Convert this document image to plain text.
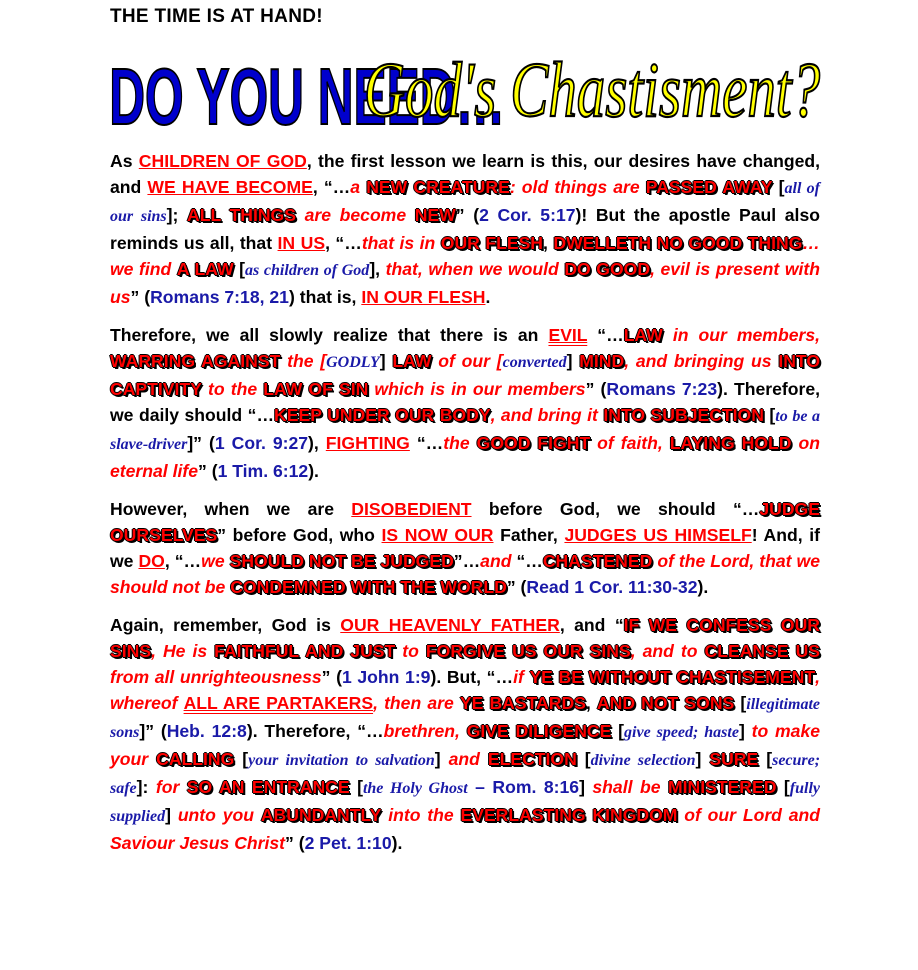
THE TIME IS AT HAND!
DO YOU NEED…
God's Chastisment?

As CHILDREN OF GOD, the first lesson we learn is this, our desires have changed, and WE HAVE BECOME, “…a NEW CREATURE: old things are PASSED AWAY [all of our sins]; ALL THINGS are become NEW” (2 Cor. 5:17)! But the apostle Paul also reminds us all, that IN US, “…that is in OUR FLESH, DWELLETH NO GOOD THING…we find A LAW [as children of God], that, when we would DO GOOD, evil is present with us” (Romans 7:18, 21) that is, IN OUR FLESH.

Therefore, we all slowly realize that there is an EVIL “…LAW in our members, WARRING AGAINST the [GODLY] LAW of our [converted] MIND, and bringing us INTO CAPTIVITY to the LAW OF SIN which is in our members” (Romans 7:23). Therefore, we daily should “…KEEP UNDER OUR BODY, and bring it INTO SUBJECTION [to be a slave-driver]” (1 Cor. 9:27), FIGHTING “…the GOOD FIGHT of faith, LAYING HOLD on eternal life” (1 Tim. 6:12).

However, when we are DISOBEDIENT before God, we should “…JUDGE OURSELVES” before God, who IS NOW OUR Father, JUDGES US HIMSELF! And, if we DO, “…we SHOULD NOT BE JUDGED”…and “…CHASTENED of the Lord, that we should not be CONDEMNED WITH THE WORLD” (Read 1 Cor. 11:30-32).

Again, remember, God is OUR HEAVENLY FATHER, and “IF WE CONFESS OUR SINS, He is FAITHFUL AND JUST to FORGIVE US OUR SINS, and to CLEANSE US from all unrighteousness” (1 John 1:9). But, “…if YE BE WITHOUT CHASTISEMENT, whereof ALL ARE PARTAKERS, then are YE BASTARDS, AND NOT SONS [illegitimate sons]” (Heb. 12:8). Therefore, “…brethren, GIVE DILIGENCE [give speed; haste] to make your CALLING [your invitation to salvation] and ELECTION [divine selection] SURE [secure; safe]: for SO AN ENTRANCE [the Holy Ghost – Rom. 8:16] shall be MINISTERED [fully supplied] unto you ABUNDANTLY into the EVERLASTING KINGDOM of our Lord and Saviour Jesus Christ” (2 Pet. 1:10).
